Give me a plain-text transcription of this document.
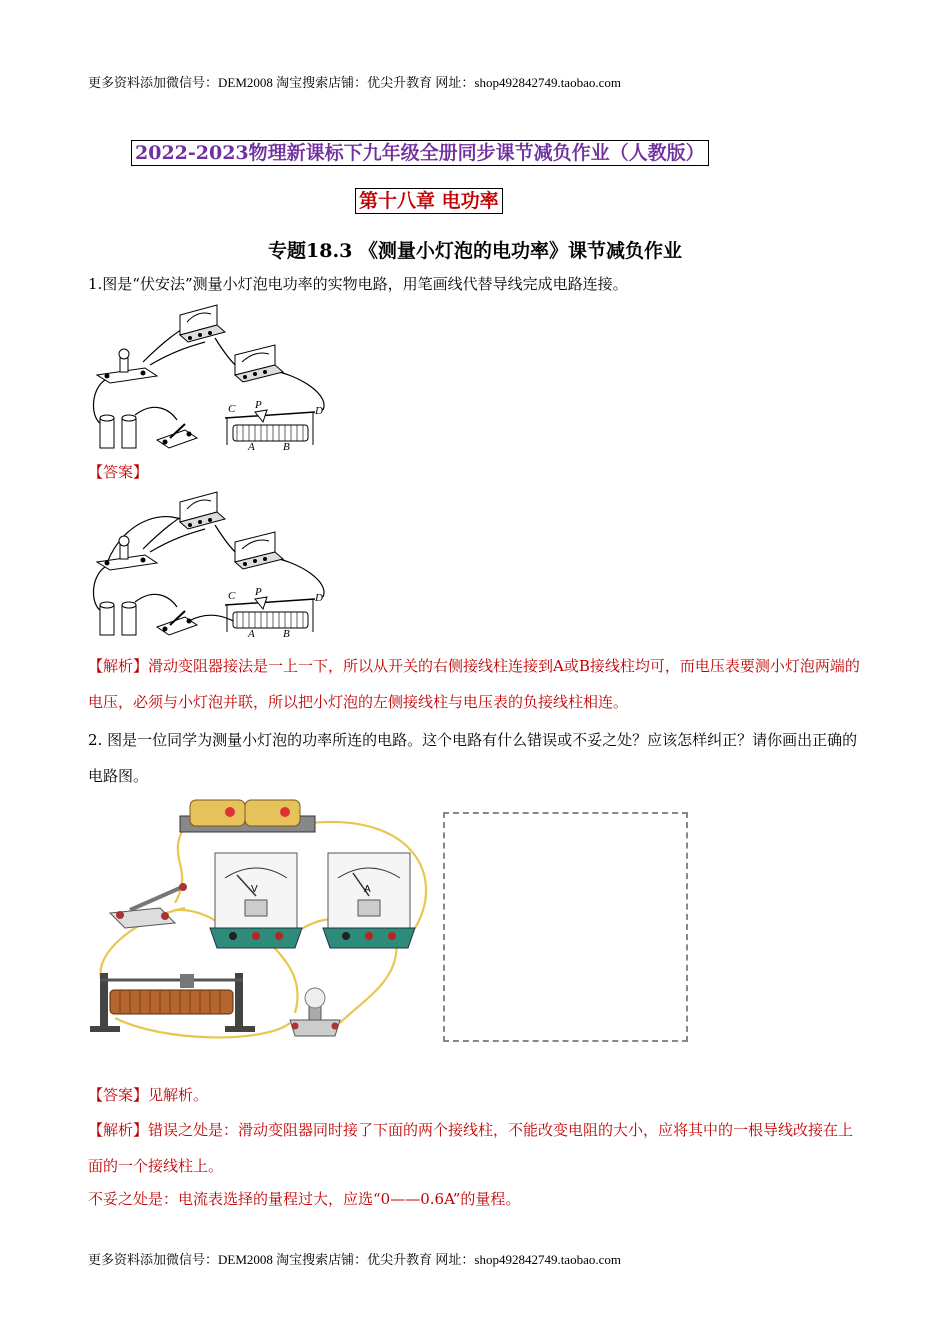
更多资料添加微信号：DEM2008 淘宝搜索店铺：优尖升教育 网址：shop492842749.taobao.com
更多资料添加微信号：DEM2008 淘宝搜索店铺：优尖升教育 网址：shop492842749.taobao.com
2022-2023物理新课标下九年级全册同步课节减负作业（人教版）
第十八章 电功率
专题18.3 《测量小灯泡的电功率》课节减负作业
1.图是“伏安法”测量小灯泡电功率的实物电路，用笔画线代替导线完成电路连接。
C P	D
A	B
【答案】
C P	D
A	B
【解析】滑动变阻器接法是一上一下，所以从开关的右侧接线柱连接到A或B接线柱均可，而电压表要测小灯泡两端的电压，必须与小灯泡并联，所以把小灯泡的左侧接线柱与电压表的负接线柱相连。
2. 图是一位同学为测量小灯泡的功率所连的电路。这个电路有什么错误或不妥之处？应该怎样纠正？请你画出正确的电路图。
V	A
【答案】见解析。
【解析】错误之处是：滑动变阻器同时接了下面的两个接线柱，不能改变电阻的大小，应将其中的一根导线改接在上面的一个接线柱上。
不妥之处是：电流表选择的量程过大，应选“0——0.6A”的量程。
